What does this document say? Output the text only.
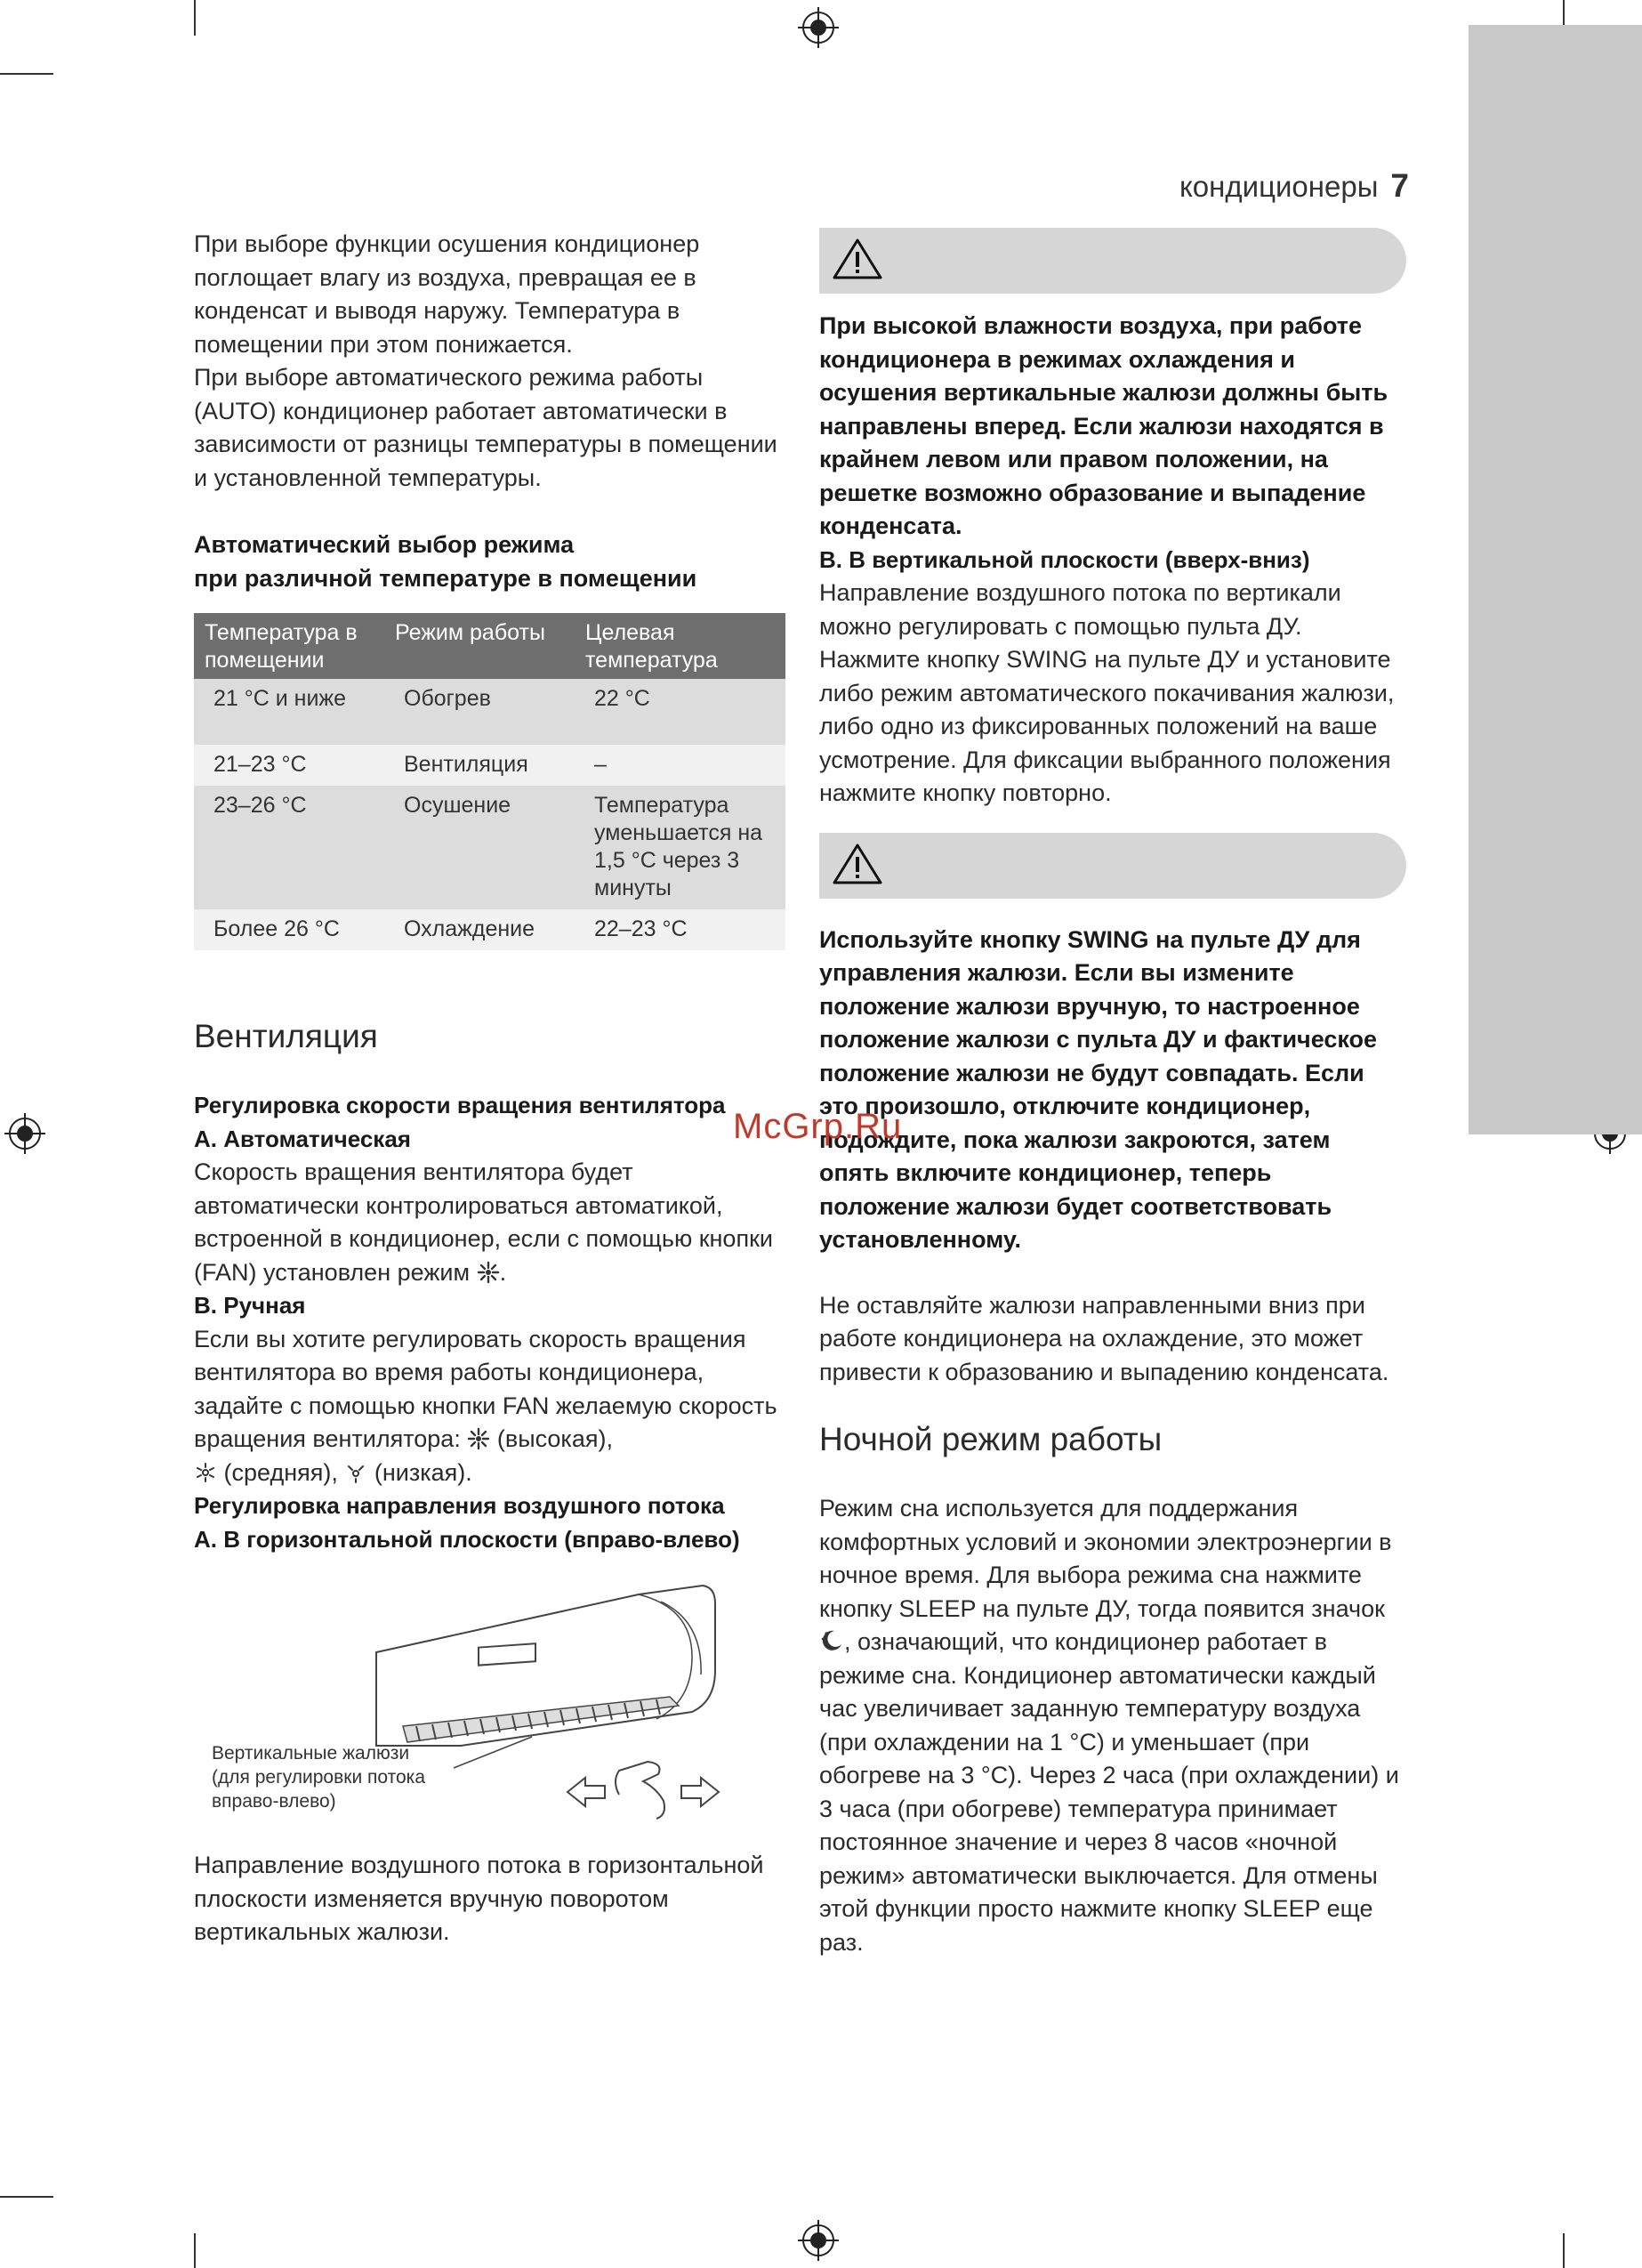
кондиционеры 7

При выборе функции осушения кондиционер поглощает влагу из воздуха, превращая ее в конденсат и выводя наружу. Температура в помещении при этом понижается.

При выборе автоматического режима работы (AUTO) кондиционер работает автоматически в зависимости от разницы температуры в помещении и установленной температуры.

Автоматический выбор режима
при различной температуре в помещении

Температура в помещении	Режим работы	Целевая температура
21 °С и ниже	Обогрев	22 °С
21–23 °С	Вентиляция	–
23–26 °С	Осушение	Температура уменьшается на 1,5 °С через 3 минуты
Более 26 °С	Охлаждение	22–23 °С
Вентиляция

Регулировка скорости вращения вентилятора

А. Автоматическая

Скорость вращения вентилятора будет автоматически контролироваться автоматикой, встроенной в кондиционер, если с помощью кнопки (FAN) установлен режим .

B. Ручная

Если вы хотите регулировать скорость вращения вентилятора во время работы кондиционера, задайте с помощью кнопки FAN желаемую скорость вращения вентилятора: (высокая),
(средняя), (низкая).

Регулировка направления воздушного потока

А. В горизонтальной плоскости (вправо-влево)

Вертикальные жалюзи (для регулировки потока вправо-влево)

Направление воздушного потока в горизонтальной плоскости изменяется вручную поворотом вертикальных жалюзи.

При высокой влажности воздуха, при работе кондиционера в режимах охлаждения и осушения вертикальные жалюзи должны быть направлены вперед. Если жалюзи находятся в крайнем левом или правом положении, на решетке возможно образование и выпадение конденсата.

B. В вертикальной плоскости (вверх-вниз)

Направление воздушного потока по вертикали можно регулировать с помощью пульта ДУ. Нажмите кнопку SWING на пульте ДУ и установите либо режим автоматического покачивания жалюзи, либо одно из фиксированных положений на ваше усмотрение. Для фиксации выбранного положения нажмите кнопку повторно.

Используйте кнопку SWING на пульте ДУ для управления жалюзи. Если вы измените положение жалюзи вручную, то настроенное положение жалюзи с пульта ДУ и фактическое положение жалюзи не будут совпадать. Если это произошло, отключите кондиционер, подождите, пока жалюзи закроются, затем опять включите кондиционер, теперь положение жалюзи будет соответствовать установленному.

Не оставляйте жалюзи направленными вниз при работе кондиционера на охлаждение, это может привести к образованию и выпадению конденсата.

Ночной режим работы

Режим сна используется для поддержания комфортных условий и экономии электроэнергии в ночное время. Для выбора режима сна нажмите кнопку SLEEP на пульте ДУ, тогда появится значок , означающий, что кондиционер работает в режиме сна. Кондиционер автоматически каждый час увеличивает заданную температуру воздуха (при охлаждении на 1 °С) и уменьшает (при обогреве на 3 °С). Через 2 часа (при охлаждении) и 3 часа (при обогреве) температура принимает постоянное значение и через 8 часов «ночной режим» автоматически выключается. Для отмены этой функции просто нажмите кнопку SLEEP еще раз.

McGrp.Ru
